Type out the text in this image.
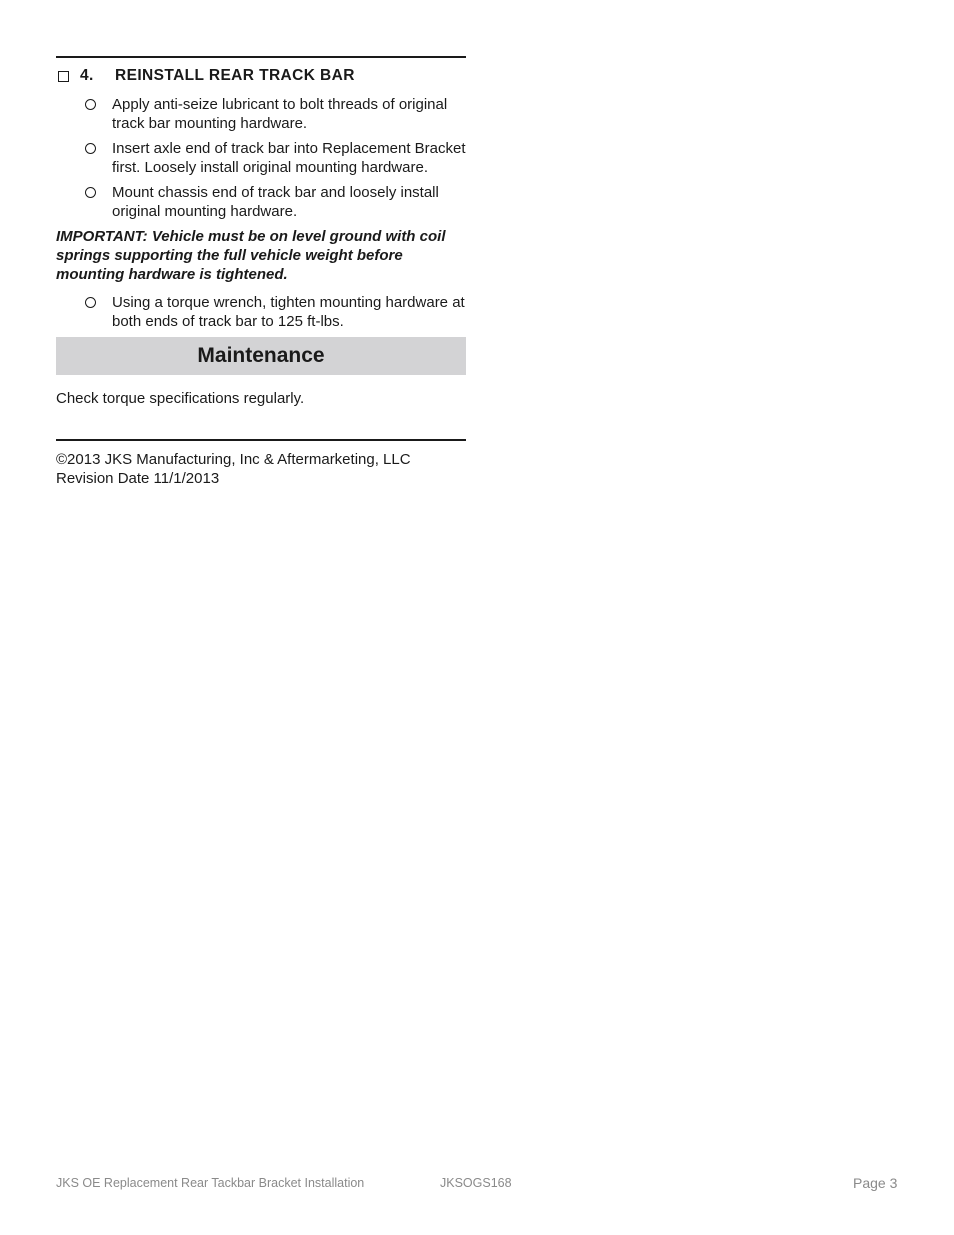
4.	REINSTALL REAR TRACK BAR
Apply anti-seize lubricant to bolt threads of original track bar mounting hardware.
Insert axle end of track bar into Replacement Bracket first. Loosely install original mounting hardware.
Mount chassis end of track bar and loosely install original mounting hardware.
IMPORTANT: Vehicle must be on level ground with coil springs supporting the full vehicle weight before mounting hardware is tightened.
Using a torque wrench, tighten mounting hardware at both ends of track bar to 125 ft-lbs.
Maintenance
Check torque specifications regularly.
©2013 JKS Manufacturing, Inc & Aftermarketing, LLC
Revision Date 11/1/2013
JKS OE Replacement Rear Tackbar Bracket Installation	JKSOGS168	Page 3
